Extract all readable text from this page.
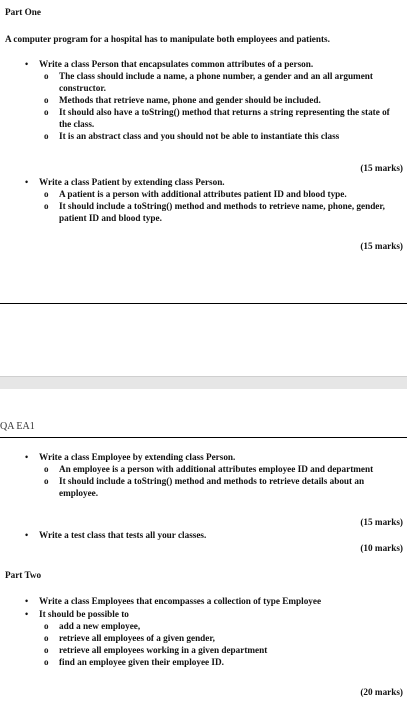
Part One
A computer program for a hospital has to manipulate both employees and patients.
• Write a class Person that encapsulates common attributes of a person.
o The class should include a name, a phone number, a gender and an all argument constructor.
o Methods that retrieve name, phone and gender should be included.
o It should also have a toString() method that returns a string representing the state of the class.
o It is an abstract class and you should not be able to instantiate this class
(15 marks)
• Write a class Patient by extending class Person.
o A patient is a person with additional attributes patient ID and blood type.
o It should include a toString() method and methods to retrieve name, phone, gender, patient ID and blood type.
(15 marks)
QA EA1
• Write a class Employee by extending class Person.
o An employee is a person with additional attributes employee ID and department
o It should include a toString() method and methods to retrieve details about an employee.
(15 marks)
• Write a test class that tests all your classes.
(10 marks)
Part Two
• Write a class Employees that encompasses a collection of type Employee
• It should be possible to
o add a new employee,
o retrieve all employees of a given gender,
o retrieve all employees working in a given department
o find an employee given their employee ID.
(20 marks)
